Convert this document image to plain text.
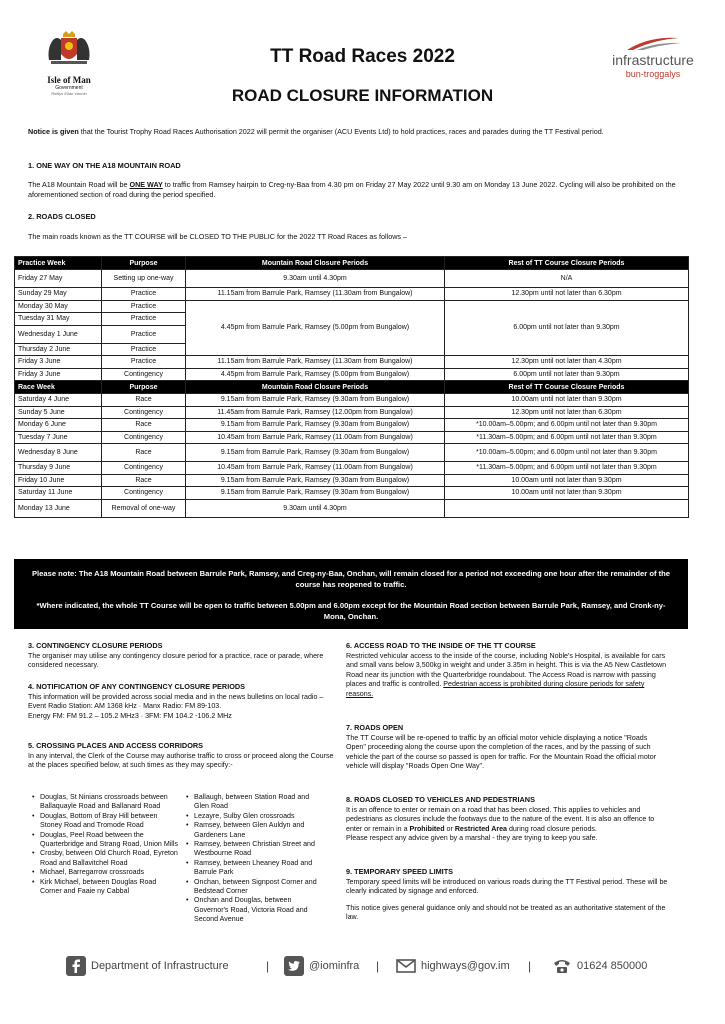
Isle of Man
Government
Reiltys Ellan Vannin
TT Road Races 2022
ROAD CLOSURE INFORMATION
infrastructure
bun-troggalys
Notice is given that the Tourist Trophy Road Races Authorisation 2022 will permit the organiser (ACU Events Ltd) to hold practices, races and parades during the TT Festival period.
1. ONE WAY ON THE A18 MOUNTAIN ROAD
The A18 Mountain Road will be ONE WAY to traffic from Ramsey hairpin to Creg-ny-Baa from 4.30 pm on Friday 27 May 2022 until 9.30 am on Monday 13 June 2022. Cycling will also be prohibited on the aforementioned section of road during the period specified.
2. ROADS CLOSED
The main roads known as the TT COURSE will be CLOSED TO THE PUBLIC for the 2022 TT Road Races as follows –
Practice Week	Purpose	Mountain Road Closure Periods	Rest of TT Course Closure Periods
Friday 27 May	Setting up one-way	9.30am until 4.30pm	N/A
Sunday 29 May	Practice	11.15am from Barrule Park, Ramsey (11.30am from Bungalow)	12.30pm until not later than 6.30pm
Monday 30 May	Practice	4.45pm from Barrule Park, Ramsey (5.00pm from Bungalow)	6.00pm until not later than 9.30pm
Tuesday 31 May	Practice		
Wednesday 1 June	Practice		
Thursday 2 June	Practice		
Friday 3 June	Practice	11.15am from Barrule Park, Ramsey (11.30am from Bungalow)	12.30pm until not later than 4.30pm
Friday 3 June	Contingency	4.45pm from Barrule Park, Ramsey (5.00pm from Bungalow)	6.00pm until not later than 9.30pm
Race Week	Purpose	Mountain Road Closure Periods	Rest of TT Course Closure Periods
Saturday 4 June	Race	9.15am from Barrule Park, Ramsey (9.30am from Bungalow)	10.00am until not later than 9.30pm
Sunday 5 June	Contingency	11.45am from Barrule Park, Ramsey (12.00pm from Bungalow)	12.30pm until not later than 6.30pm
Monday 6 June	Race	9.15am from Barrule Park, Ramsey (9.30am from Bungalow)	*10.00am–5.00pm; and 6.00pm until not later than 9.30pm
Tuesday 7 June	Contingency	10.45am from Barrule Park, Ramsey (11.00am from Bungalow)	*11.30am–5.00pm; and 6.00pm until not later than 9.30pm
Wednesday 8 June	Race	9.15am from Barrule Park, Ramsey (9.30am from Bungalow)	*10.00am–5.00pm; and 6.00pm until not later than 9.30pm
Thursday 9 June	Contingency	10.45am from Barrule Park, Ramsey (11.00am from Bungalow)	*11.30am–5.00pm; and 6.00pm until not later than 9.30pm
Friday 10 June	Race	9.15am from Barrule Park, Ramsey (9.30am from Bungalow)	10.00am until not later than 9.30pm
Saturday 11 June	Contingency	9.15am from Barrule Park, Ramsey (9.30am from Bungalow)	10.00am until not later than 9.30pm
Monday 13 June	Removal of one-way	9.30am until 4.30pm	

Please note: The A18 Mountain Road between Barrule Park, Ramsey, and Creg-ny-Baa, Onchan, will remain closed for a period not exceeding one hour after the remainder of the course has reopened to traffic.

*Where indicated, the whole TT Course will be open to traffic between 5.00pm and 6.00pm except for the Mountain Road section between Barrule Park, Ramsey, and Cronk-ny-Mona, Onchan.

3. CONTINGENCY CLOSURE PERIODS

The organiser may utilise any contingency closure period for a practice, race or parade, where considered necessary.

4. NOTIFICATION OF ANY CONTINGENCY CLOSURE PERIODS

This information will be provided across social media and in the news bulletins on local radio –

Event Radio Station: AM 1368 kHz · Manx Radio: FM 89-103.

Energy FM: FM 91.2 – 105.2 MHz3 · 3FM: FM 104.2 -106.2 MHz

5. CROSSING PLACES AND ACCESS CORRIDORS

In any interval, the Clerk of the Course may authorise traffic to cross or proceed along the Course at the places specified below, at such times as they may specify:-

• Douglas, St Ninians crossroads between Ballaquayle Road and Ballanard Road
• Douglas, Bottom of Bray Hill between Stoney Road and Tromode Road
• Douglas, Peel Road between the Quarterbridge and Strang Road, Union Mills
• Crosby, between Old Church Road, Eyreton Road and Ballavitchel Road
• Michael, Barregarrow crossroads
• Kirk Michael, between Douglas Road Corner and Faaie ny Cabbal
• Ballaugh, between Station Road and Glen Road
• Lezayre, Sulby Glen crossroads
• Ramsey, between Glen Auldyn and Gardeners Lane
• Ramsey, between Christian Street and Westbourne Road
• Ramsey, between Lheaney Road and Barrule Park
• Onchan, between Signpost Corner and Bedstead Corner
• Onchan and Douglas, between Governor's Road, Victoria Road and Second Avenue
6. ACCESS ROAD TO THE INSIDE OF THE TT COURSE

Restricted vehicular access to the inside of the course, including Noble's Hospital, is available for cars and small vans below 3,500kg in weight and under 3.35m in height. This is via the A5 New Castletown Road near its junction with the Quarterbridge roundabout. The Access Road is narrow with passing places and traffic is controlled. Pedestrian access is prohibited during closure periods for safety reasons.

7. ROADS OPEN

The TT Course will be re-opened to traffic by an official motor vehicle displaying a notice "Roads Open" proceeding along the course upon the completion of the races, and by the passing of such vehicle the part of the course so passed is open for traffic. For the Mountain Road the official motor vehicle will display "Roads Open One Way".

8. ROADS CLOSED TO VEHICLES AND PEDESTRIANS

It is an offence to enter or remain on a road that has been closed. This applies to vehicles and pedestrians as closures include the footways due to the nature of the event. It is also an offence to enter or remain in a Prohibited or Restricted Area during road closure periods.

Please respect any advice given by a marshal - they are trying to keep you safe.

9. TEMPORARY SPEED LIMITS

Temporary speed limits will be introduced on various roads during the TT Festival period. These will be clearly indicated by signage and enforced.

This notice gives general guidance only and should not be treated as an authoritative statement of the law.

Department of Infrastructure	|	@iominfra |	highways@gov.im |	01624 850000
